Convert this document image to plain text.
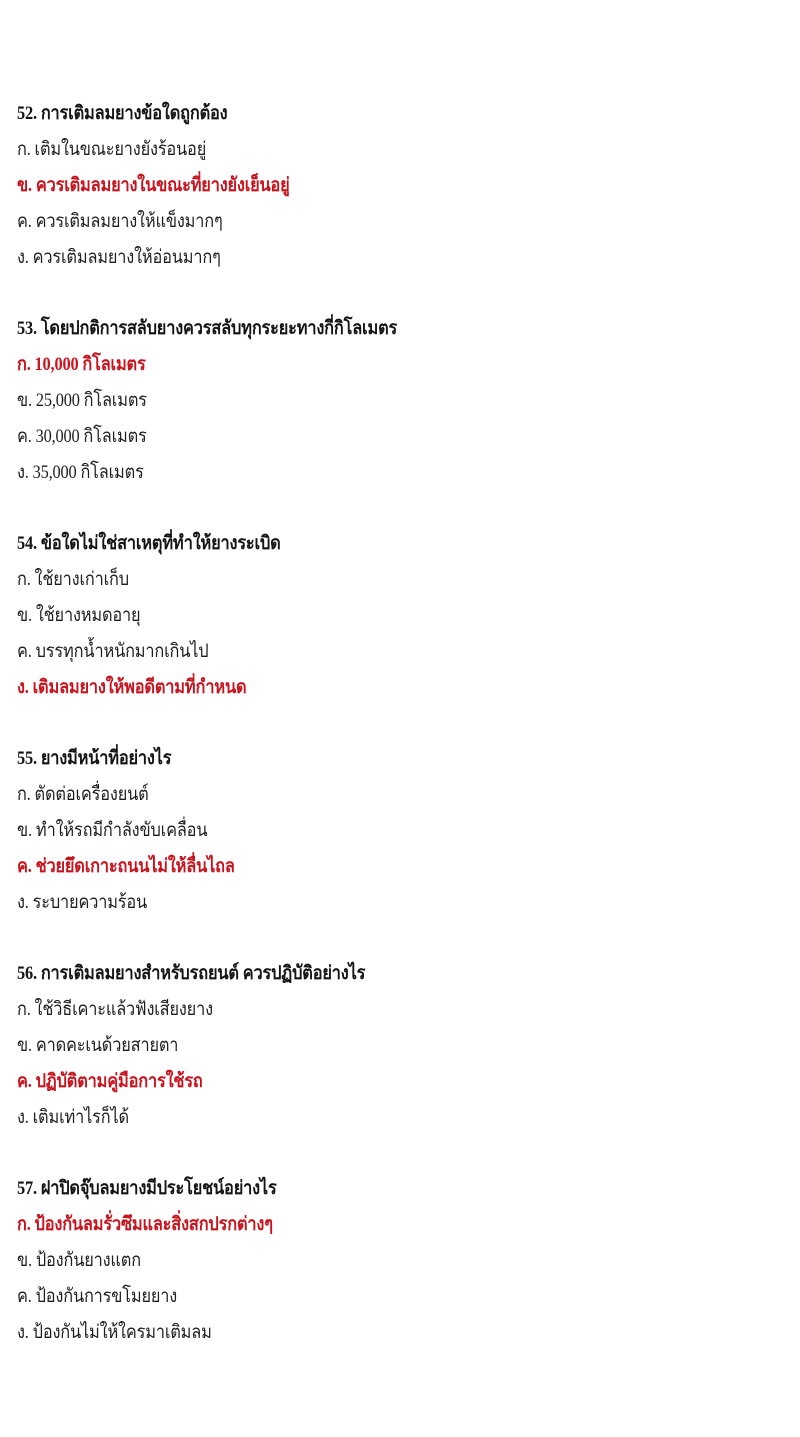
52. การเติมลมยางข้อใดถูกต้อง
ก. เติมในขณะยางยังร้อนอยู่
ข. ควรเติมลมยางในขณะที่ยางยังเย็นอยู่
ค. ควรเติมลมยางให้แข็งมากๆ
ง. ควรเติมลมยางให้อ่อนมากๆ
53. โดยปกติการสลับยางควรสลับทุกระยะทางกี่กิโลเมตร
ก. 10,000 กิโลเมตร
ข. 25,000 กิโลเมตร
ค. 30,000 กิโลเมตร
ง. 35,000 กิโลเมตร
54. ข้อใดไม่ใช่สาเหตุที่ทำให้ยางระเบิด
ก. ใช้ยางเก่าเก็บ
ข. ใช้ยางหมดอายุ
ค. บรรทุกน้ำหนักมากเกินไป
ง. เติมลมยางให้พอดีตามที่กำหนด
55. ยางมีหน้าที่อย่างไร
ก. ตัดต่อเครื่องยนต์
ข. ทำให้รถมีกำลังขับเคลื่อน
ค. ช่วยยึดเกาะถนนไม่ให้ลื่นไถล
ง. ระบายความร้อน
56. การเติมลมยางสำหรับรถยนต์ ควรปฏิบัติอย่างไร
ก. ใช้วิธีเคาะแล้วฟังเสียงยาง
ข. คาดคะเนด้วยสายตา
ค. ปฏิบัติตามคู่มือการใช้รถ
ง. เติมเท่าไรก็ได้
57. ฝาปิดจุ๊บลมยางมีประโยชน์อย่างไร
ก. ป้องกันลมรั่วซึมและสิ่งสกปรกต่างๆ
ข. ป้องกันยางแตก
ค. ป้องกันการขโมยยาง
ง. ป้องกันไม่ให้ใครมาเติมลม
